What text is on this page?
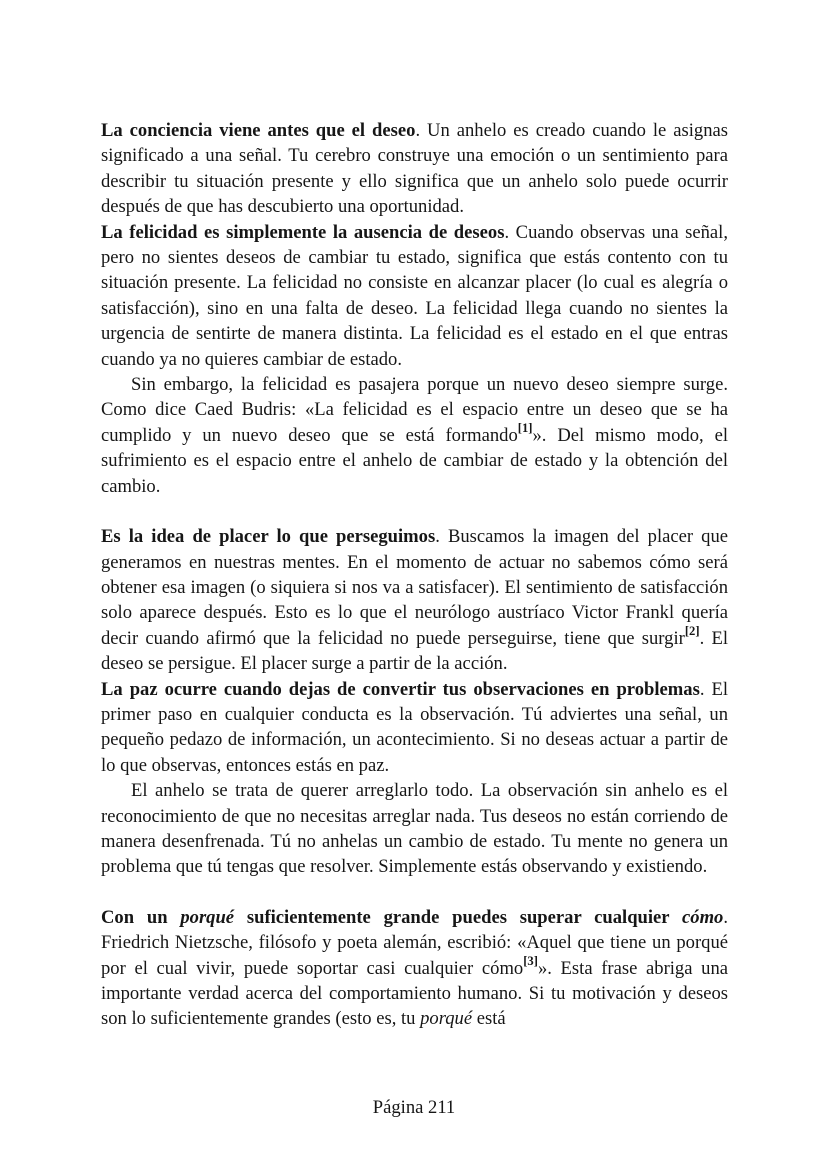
La conciencia viene antes que el deseo. Un anhelo es creado cuando le asignas significado a una señal. Tu cerebro construye una emoción o un sentimiento para describir tu situación presente y ello significa que un anhelo solo puede ocurrir después de que has descubierto una oportunidad.

La felicidad es simplemente la ausencia de deseos. Cuando observas una señal, pero no sientes deseos de cambiar tu estado, significa que estás contento con tu situación presente. La felicidad no consiste en alcanzar placer (lo cual es alegría o satisfacción), sino en una falta de deseo. La felicidad llega cuando no sientes la urgencia de sentirte de manera distinta. La felicidad es el estado en el que entras cuando ya no quieres cambiar de estado.

Sin embargo, la felicidad es pasajera porque un nuevo deseo siempre surge. Como dice Caed Budris: «La felicidad es el espacio entre un deseo que se ha cumplido y un nuevo deseo que se está formando[1]». Del mismo modo, el sufrimiento es el espacio entre el anhelo de cambiar de estado y la obtención del cambio.

Es la idea de placer lo que perseguimos. Buscamos la imagen del placer que generamos en nuestras mentes. En el momento de actuar no sabemos cómo será obtener esa imagen (o siquiera si nos va a satisfacer). El sentimiento de satisfacción solo aparece después. Esto es lo que el neurólogo austríaco Victor Frankl quería decir cuando afirmó que la felicidad no puede perseguirse, tiene que surgir[2]. El deseo se persigue. El placer surge a partir de la acción.

La paz ocurre cuando dejas de convertir tus observaciones en problemas. El primer paso en cualquier conducta es la observación. Tú adviertes una señal, un pequeño pedazo de información, un acontecimiento. Si no deseas actuar a partir de lo que observas, entonces estás en paz.

El anhelo se trata de querer arreglarlo todo. La observación sin anhelo es el reconocimiento de que no necesitas arreglar nada. Tus deseos no están corriendo de manera desenfrenada. Tú no anhelas un cambio de estado. Tu mente no genera un problema que tú tengas que resolver. Simplemente estás observando y existiendo.

Con un porqué suficientemente grande puedes superar cualquier cómo. Friedrich Nietzsche, filósofo y poeta alemán, escribió: «Aquel que tiene un porqué por el cual vivir, puede soportar casi cualquier cómo[3]». Esta frase abriga una importante verdad acerca del comportamiento humano. Si tu motivación y deseos son lo suficientemente grandes (esto es, tu porqué está

Página 211
